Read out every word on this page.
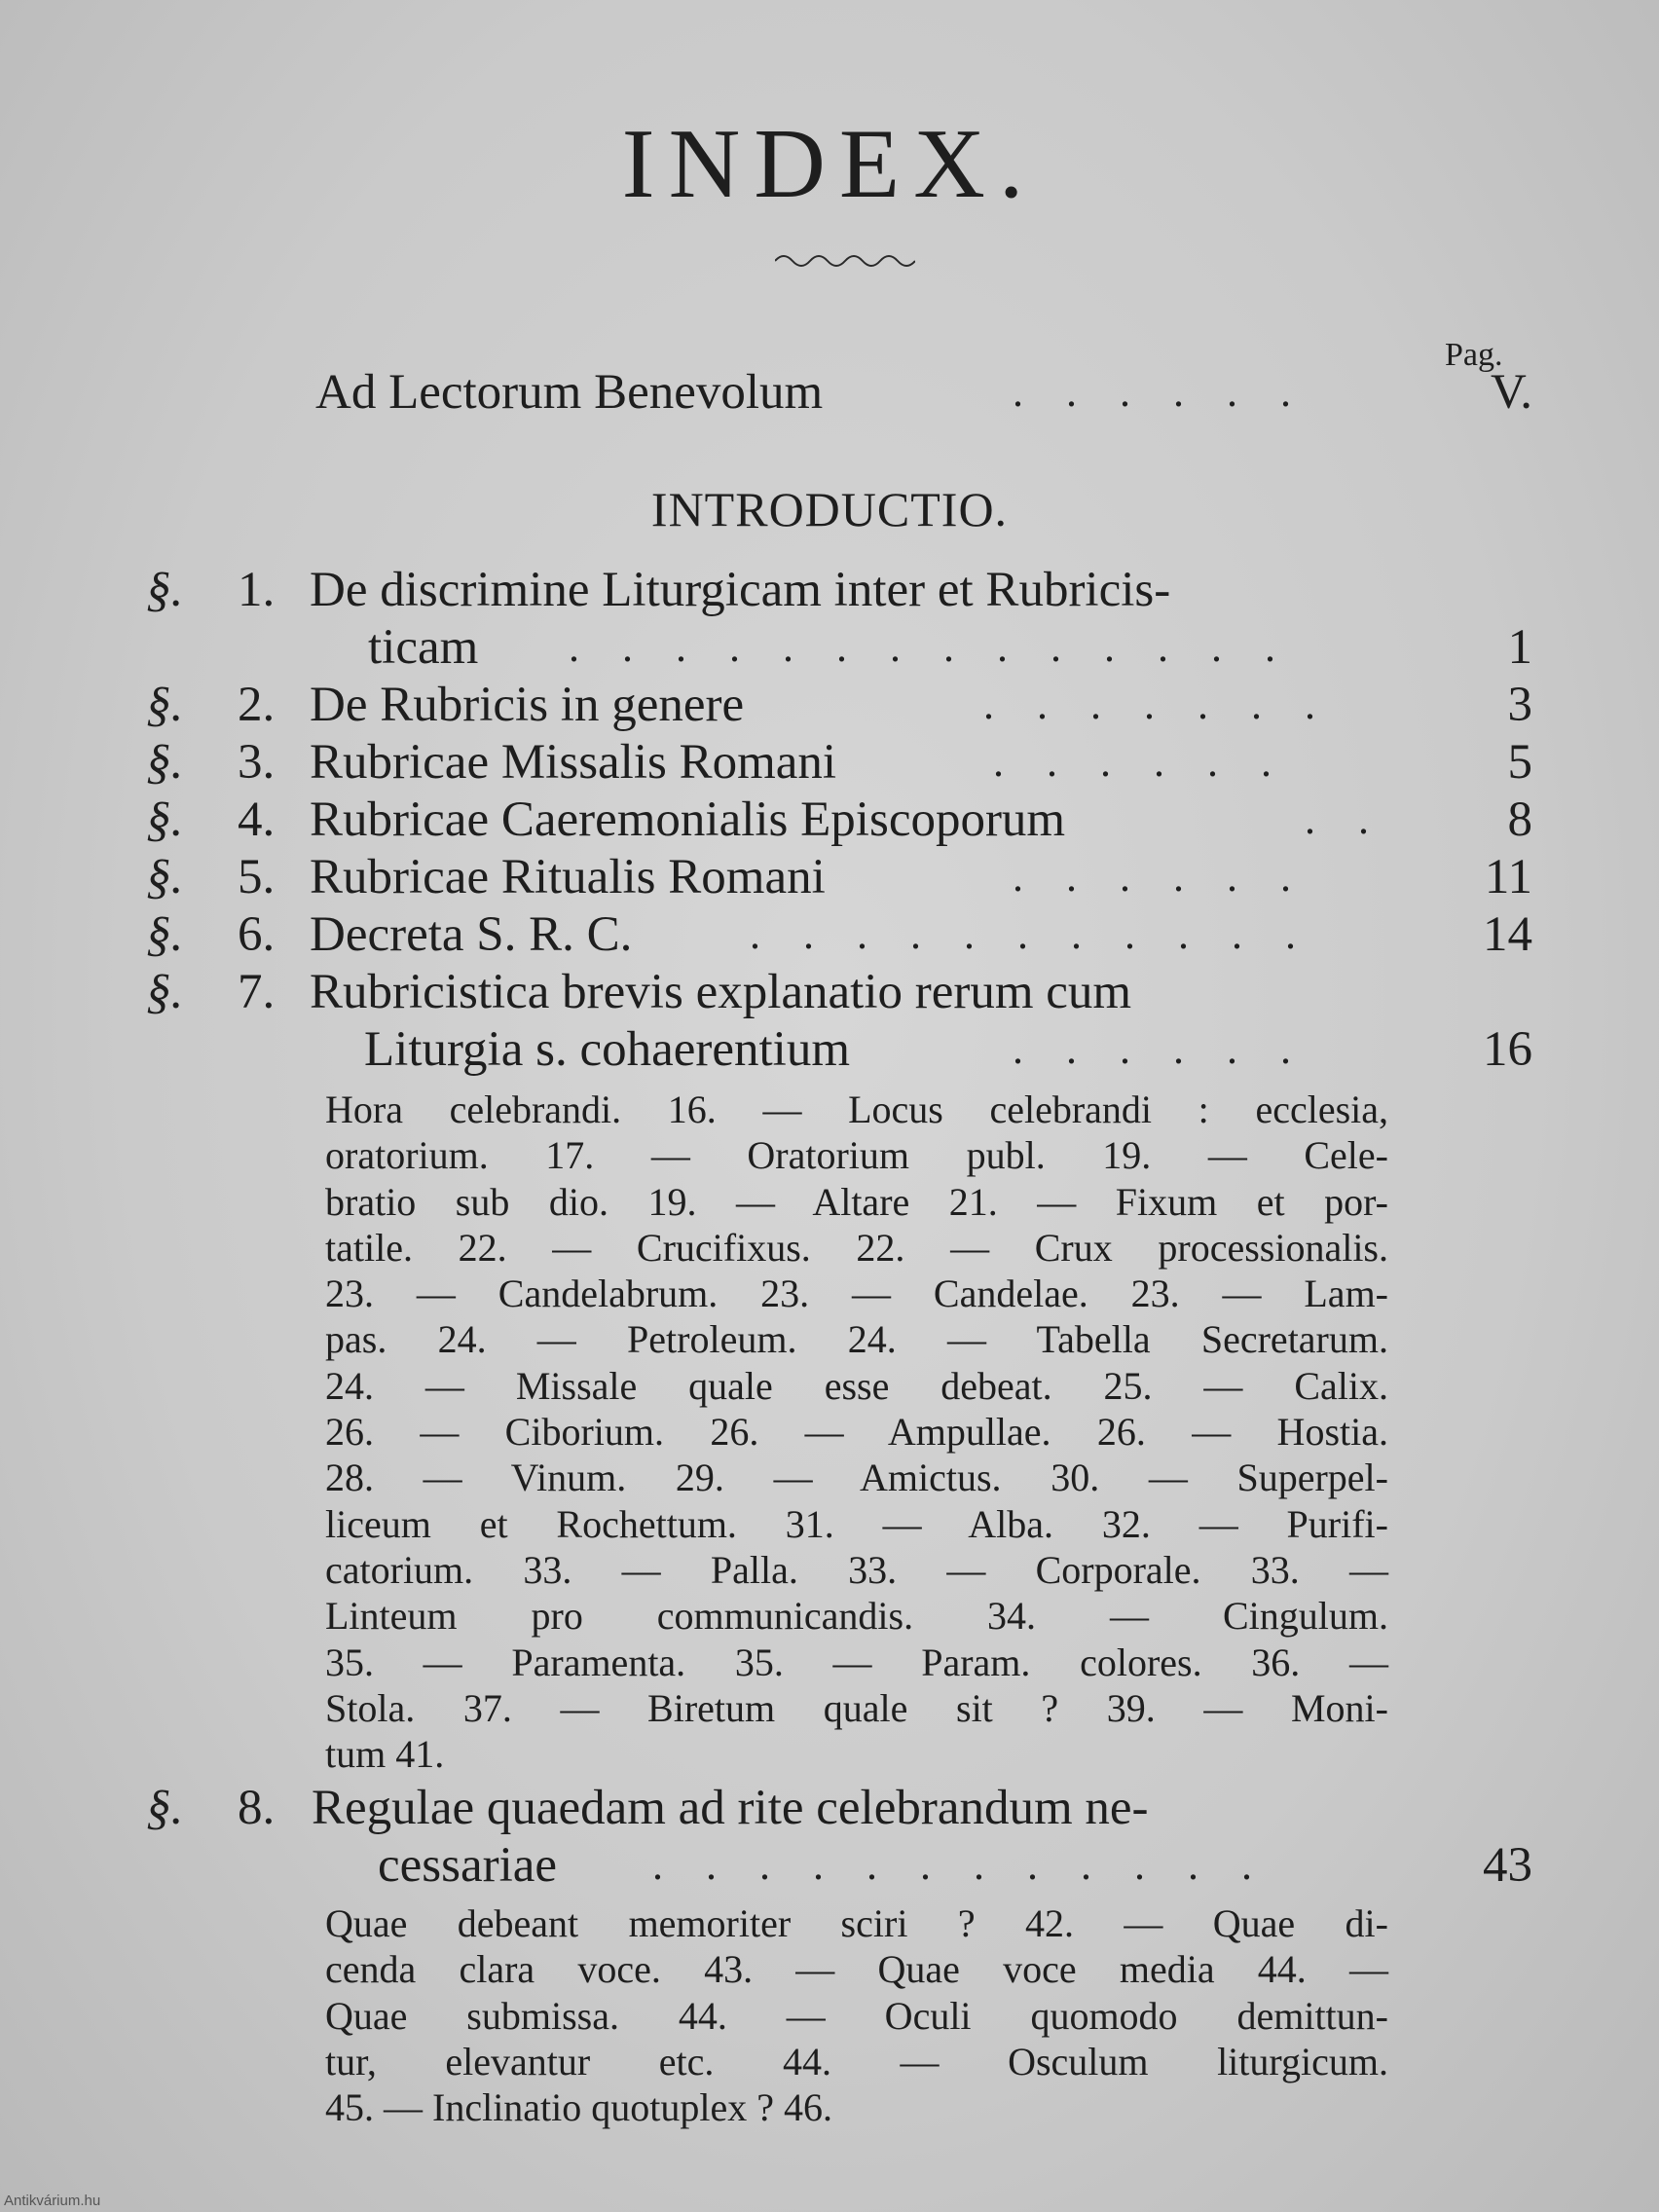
INDEX.
Pag.
Ad Lectorum Benevolum	.    .    .    .    .    .	V.
INTRODUCTIO.
§. 1. De discrimine Liturgicam inter et Rubricis-
ticam .    .    .    .    .    .    .    .    .    .    .    .    .    .	1
§. 2. De Rubricis in genere	.    .    .    .    .    .    .	3
§. 3. Rubricae Missalis Romani	.    .    .    .    .    .	5
§. 4. Rubricae Caeremonialis Episcoporum	.    .	8
§. 5. Rubricae Ritualis Romani	.    .    .    .    .    .	11
§. 6. Decreta S. R. C.	.    .    .    .    .    .    .    .    .    .    .	14
§. 7. Rubricistica brevis explanatio rerum cum
Liturgia s. cohaerentium	.    .    .    .    .    .	16
Hora celebrandi. 16. — Locus celebrandi : ecclesia,
oratorium. 17. — Oratorium publ. 19. — Cele-
bratio sub dio. 19. — Altare 21. — Fixum et por-
tatile. 22. — Crucifixus. 22. — Crux processionalis.
23. — Candelabrum. 23. — Candelae. 23. — Lam-
pas. 24. — Petroleum. 24. — Tabella Secretarum.
24. — Missale quale esse debeat. 25. — Calix.
26. — Ciborium. 26. — Ampullae. 26. — Hostia.
28. — Vinum. 29. — Amictus. 30. — Superpel-
liceum et Rochettum. 31. — Alba. 32. — Purifi-
catorium. 33. — Palla. 33. — Corporale. 33. —
Linteum pro communicandis. 34. — Cingulum.
35. — Paramenta. 35. — Param. colores. 36. —
Stola. 37. — Biretum quale sit ? 39. — Moni-
tum 41.
§. 8. Regulae quaedam ad rite celebrandum ne-
cessariae .    .    .    .    .    .    .    .    .    .    .    .	43
Quae debeant memoriter sciri ? 42. — Quae di-
cenda clara voce. 43. — Quae voce media 44. —
Quae submissa. 44. — Oculi quomodo demittun-
tur, elevantur etc. 44. — Osculum liturgicum.
45. — Inclinatio quotuplex ? 46.
Antikvárium.hu
